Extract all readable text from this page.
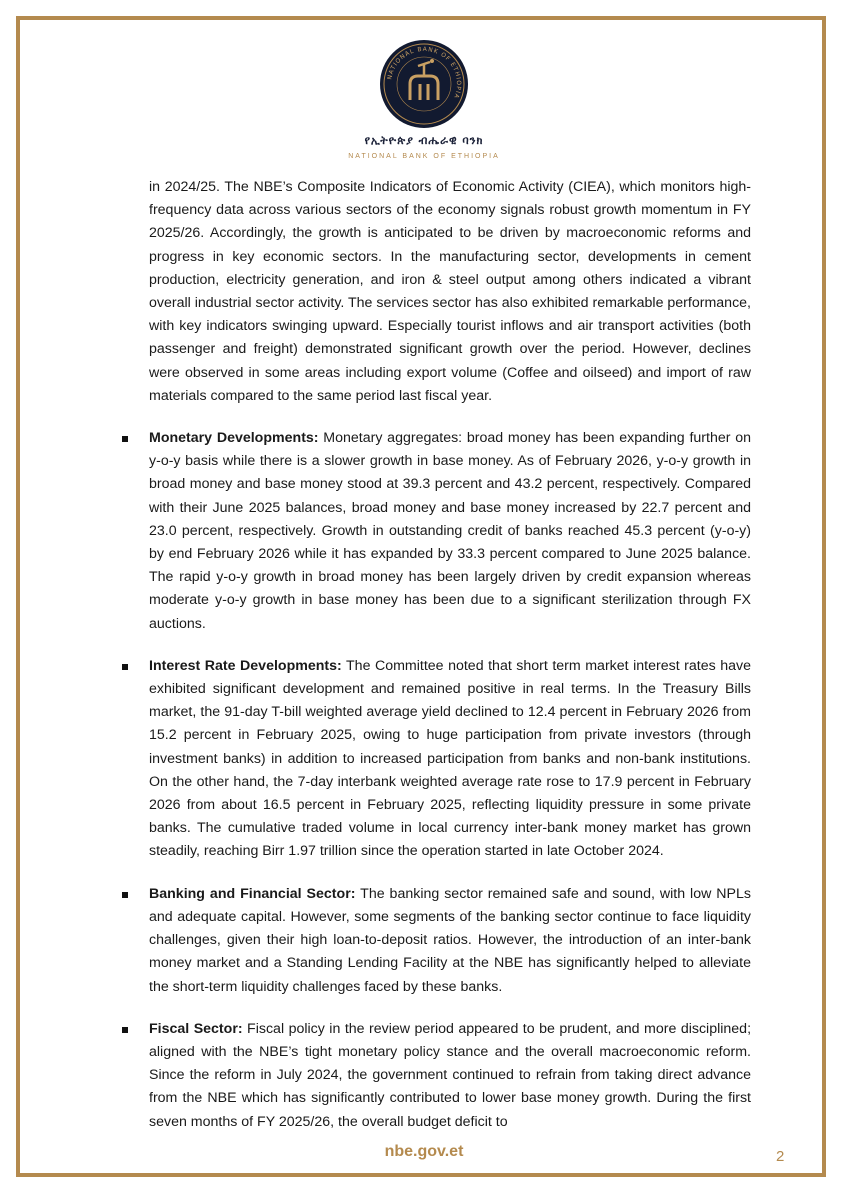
NATIONAL BANK OF ETHIOPIA
የኢትዮጵያ ብሔራዊ ባንክ
NATIONAL BANK OF ETHIOPIA

in 2024/25. The NBE’s Composite Indicators of Economic Activity (CIEA), which monitors high-frequency data across various sectors of the economy signals robust growth momentum in FY 2025/26. Accordingly, the growth is anticipated to be driven by macroeconomic reforms and progress in key economic sectors. In the manufacturing sector, developments in cement production, electricity generation, and iron & steel output among others indicated a vibrant overall industrial sector activity. The services sector has also exhibited remarkable performance, with key indicators swinging upward. Especially tourist inflows and air transport activities (both passenger and freight) demonstrated significant growth over the period. However, declines were observed in some areas including export volume (Coffee and oilseed) and import of raw materials compared to the same period last fiscal year.

Monetary Developments: Monetary aggregates: broad money has been expanding further on y-o-y basis while there is a slower growth in base money. As of February 2026, y-o-y growth in broad money and base money stood at 39.3 percent and 43.2 percent, respectively. Compared with their June 2025 balances, broad money and base money increased by 22.7 percent and 23.0 percent, respectively. Growth in outstanding credit of banks reached 45.3 percent (y-o-y) by end February 2026 while it has expanded by 33.3 percent compared to June 2025 balance. The rapid y-o-y growth in broad money has been largely driven by credit expansion whereas moderate y-o-y growth in base money has been due to a significant sterilization through FX auctions.

Interest Rate Developments: The Committee noted that short term market interest rates have exhibited significant development and remained positive in real terms. In the Treasury Bills market, the 91-day T-bill weighted average yield declined to 12.4 percent in February 2026 from 15.2 percent in February 2025, owing to huge participation from private investors (through investment banks) in addition to increased participation from banks and non-bank institutions. On the other hand, the 7-day interbank weighted average rate rose to 17.9 percent in February 2026 from about 16.5 percent in February 2025, reflecting liquidity pressure in some private banks. The cumulative traded volume in local currency inter-bank money market has grown steadily, reaching Birr 1.97 trillion since the operation started in late October 2024.

Banking and Financial Sector: The banking sector remained safe and sound, with low NPLs and adequate capital. However, some segments of the banking sector continue to face liquidity challenges, given their high loan-to-deposit ratios. However, the introduction of an inter-bank money market and a Standing Lending Facility at the NBE has significantly helped to alleviate the short-term liquidity challenges faced by these banks.

Fiscal Sector: Fiscal policy in the review period appeared to be prudent, and more disciplined; aligned with the NBE’s tight monetary policy stance and the overall macroeconomic reform. Since the reform in July 2024, the government continued to refrain from taking direct advance from the NBE which has significantly contributed to lower base money growth. During the first seven months of FY 2025/26, the overall budget deficit to

nbe.gov.et	2
